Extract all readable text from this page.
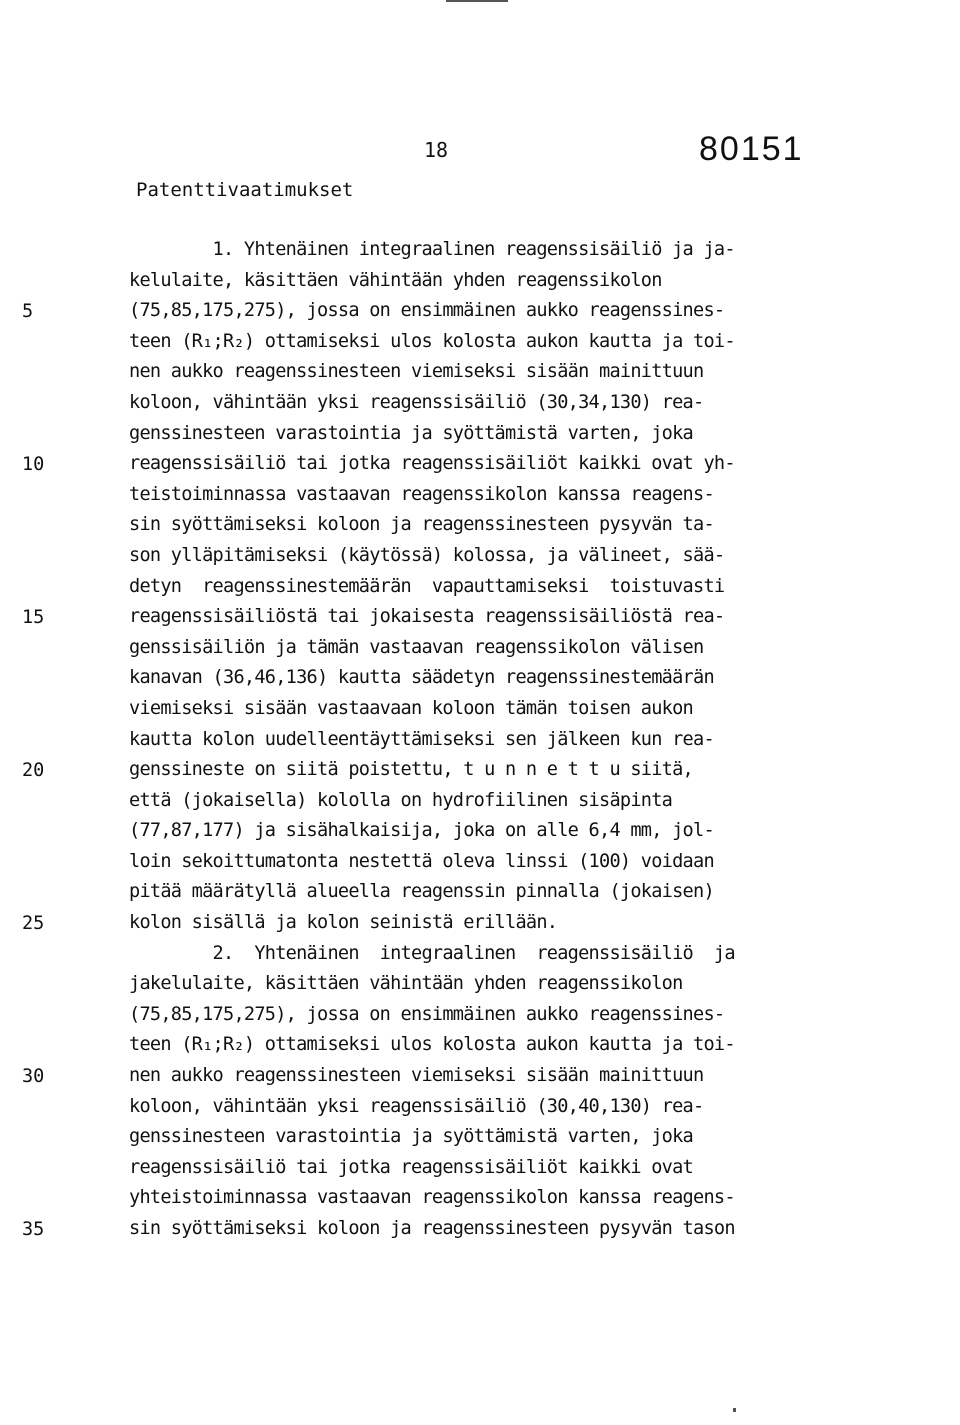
18	80151
Patenttivaatimukset
1. Yhtenäinen integraalinen reagenssisäiliö ja ja-
kelulaite, käsittäen vähintään yhden reagenssikolon
5	(75,85,175,275), jossa on ensimmäinen aukko reagenssines-
teen (R₁;R₂) ottamiseksi ulos kolosta aukon kautta ja toi-
nen aukko reagenssinesteen viemiseksi sisään mainittuun
koloon, vähintään yksi reagenssisäiliö (30,34,130) rea-
genssinesteen varastointia ja syöttämistä varten, joka
10	reagenssisäiliö tai jotka reagenssisäiliöt kaikki ovat yh-
teistoiminnassa vastaavan reagenssikolon kanssa reagens-
sin syöttämiseksi koloon ja reagenssinesteen pysyvän ta-
son ylläpitämiseksi (käytössä) kolossa, ja välineet, sää-
detyn  reagenssinestemäärän  vapauttamiseksi  toistuvasti
15	reagenssisäiliöstä tai jokaisesta reagenssisäiliöstä rea-
genssisäiliön ja tämän vastaavan reagenssikolon välisen
kanavan (36,46,136) kautta säädetyn reagenssinestemäärän
viemiseksi sisään vastaavaan koloon tämän toisen aukon
kautta kolon uudelleentäyttämiseksi sen jälkeen kun rea-
20	genssineste on siitä poistettu, t u n n e t t u siitä,
että (jokaisella) kololla on hydrofiilinen sisäpinta
(77,87,177) ja sisähalkaisija, joka on alle 6,4 mm, jol-
loin sekoittumatonta nestettä oleva linssi (100) voidaan
pitää määrätyllä alueella reagenssin pinnalla (jokaisen)
25	kolon sisällä ja kolon seinistä erillään.
2.  Yhtenäinen  integraalinen  reagenssisäiliö  ja
jakelulaite, käsittäen vähintään yhden reagenssikolon
(75,85,175,275), jossa on ensimmäinen aukko reagenssines-
teen (R₁;R₂) ottamiseksi ulos kolosta aukon kautta ja toi-
30	nen aukko reagenssinesteen viemiseksi sisään mainittuun
koloon, vähintään yksi reagenssisäiliö (30,40,130) rea-
genssinesteen varastointia ja syöttämistä varten, joka
reagenssisäiliö tai jotka reagenssisäiliöt kaikki ovat
yhteistoiminnassa vastaavan reagenssikolon kanssa reagens-
35	sin syöttämiseksi koloon ja reagenssinesteen pysyvän tason
